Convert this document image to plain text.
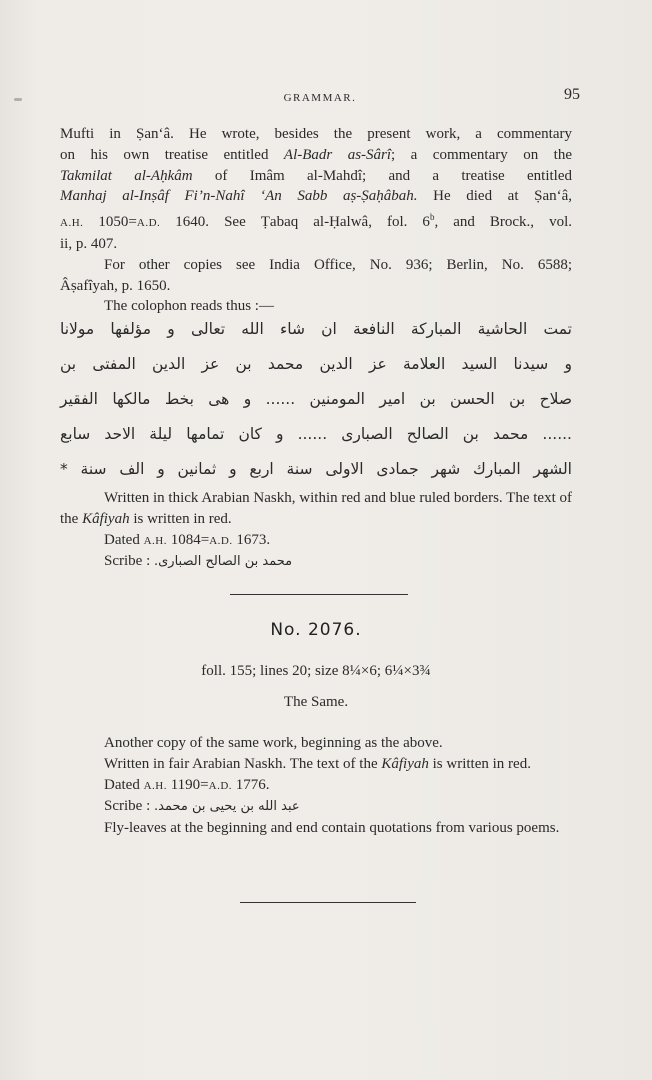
GRAMMAR.	95

Mufti in Ṣan‘â. He wrote, besides the present work, a commentary

on his own treatise entitled Al-Badr as-Sârî; a commentary on the

Takmilat al-Aḥkâm of Imâm al-Mahdî; and a treatise entitled

Manhaj al-Inṣâf Fi’n-Nahî ‘An Sabb aṣ-Ṣaḥâbah. He died at Ṣan‘â,

A.H. 1050=A.D. 1640. See Ṭabaq al-Ḥalwâ, fol. 6$^b$, and Brock., vol.

ii, p. 407.

For other copies see India Office, No. 936; Berlin, No. 6588;

Âṣafîyah, p. 1650.

The colophon reads thus :—

تمت الحاشية المباركة النافعة ان شاء الله تعالى و مؤلفها مولانا

و سيدنا السيد العلامة عز الدين محمد بن عز الدين المفتى بن

صلاح بن الحسن بن امير المومنين ...... و هى بخط مالكها الفقير

...... محمد بن الصالح الصبارى ...... و كان تمامها ليلة الاحد سابع

الشهر المبارك شهر جمادى الاولى سنة اربع و ثمانين و الف سنة *

Written in thick Arabian Naskh, within red and blue ruled borders. The text of the Kâfiyah is written in red.

Dated A.H. 1084=A.D. 1673.

Scribe : محمد بن الصالح الصبارى.

No. 2076.
foll. 155; lines 20; size 8¼×6; 6¼×3¾
The Same.

Another copy of the same work, beginning as the above.

Written in fair Arabian Naskh. The text of the Kâfiyah is written in red.

Dated A.H. 1190=A.D. 1776.

Scribe : عبد الله بن يحيى بن محمد.

Fly-leaves at the beginning and end contain quotations from various poems.
